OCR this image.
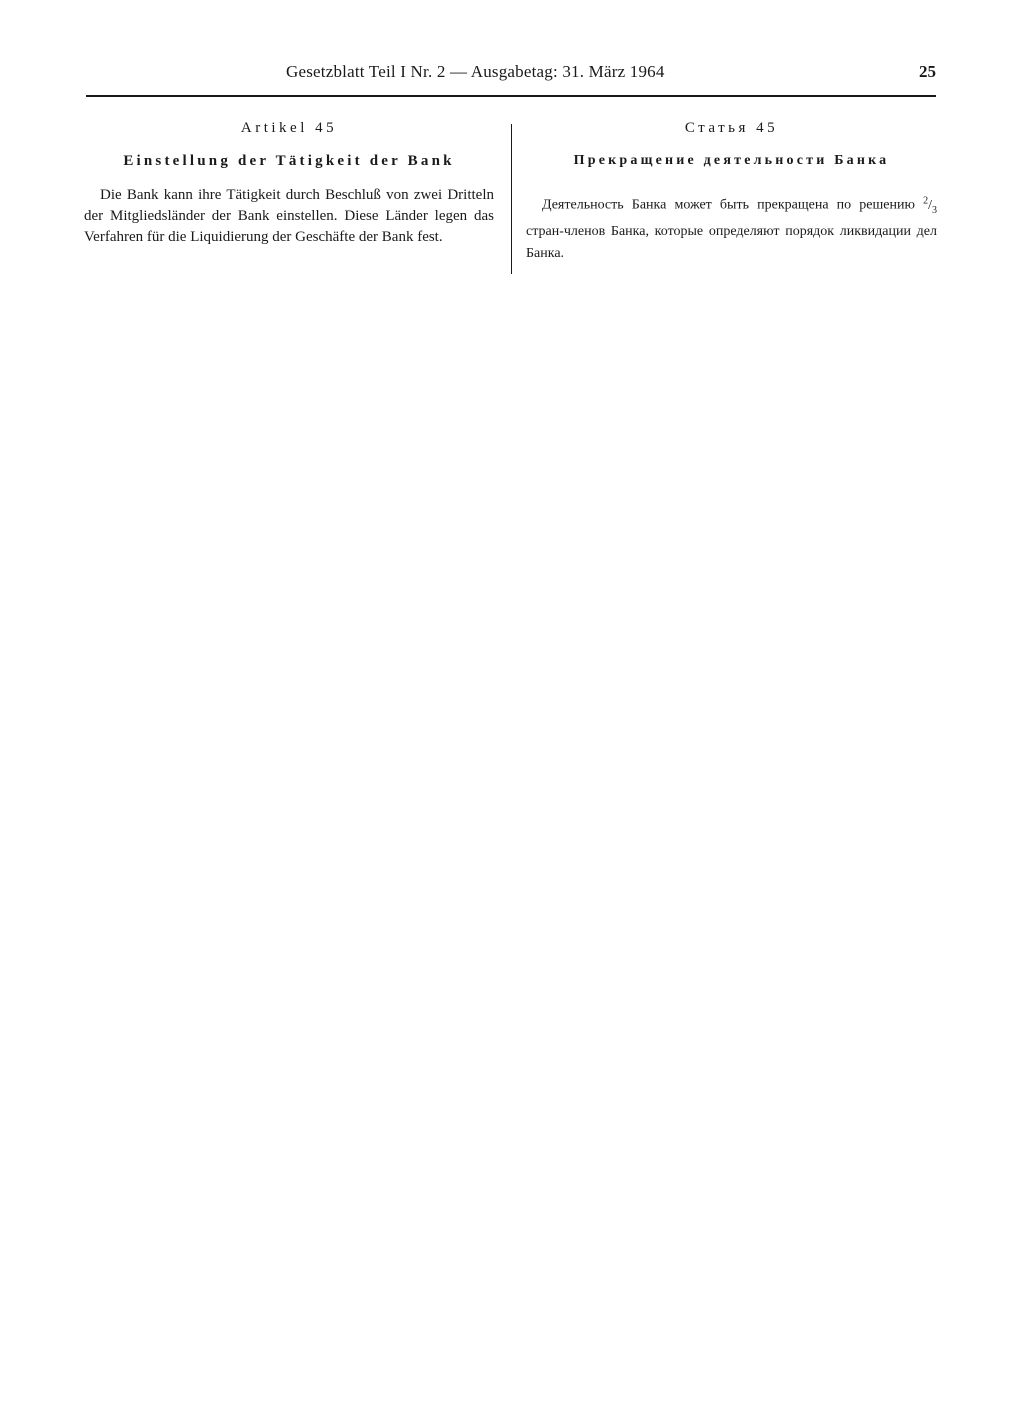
Gesetzblatt Teil I Nr. 2 — Ausgabetag: 31. März 1964	25

Artikel 45

Einstellung der Tätigkeit der Bank

Die Bank kann ihre Tätigkeit durch Beschluß von zwei Dritteln der Mitgliedsländer der Bank einstellen. Diese Länder legen das Verfahren für die Liquidierung der Geschäfte der Bank fest.

Статья 45

Прекращение деятельности Банка

Деятельность Банка может быть прекращена по решению $^2/_3$ стран-членов Банка, которые определяют порядок ликвидации дел Банка.
